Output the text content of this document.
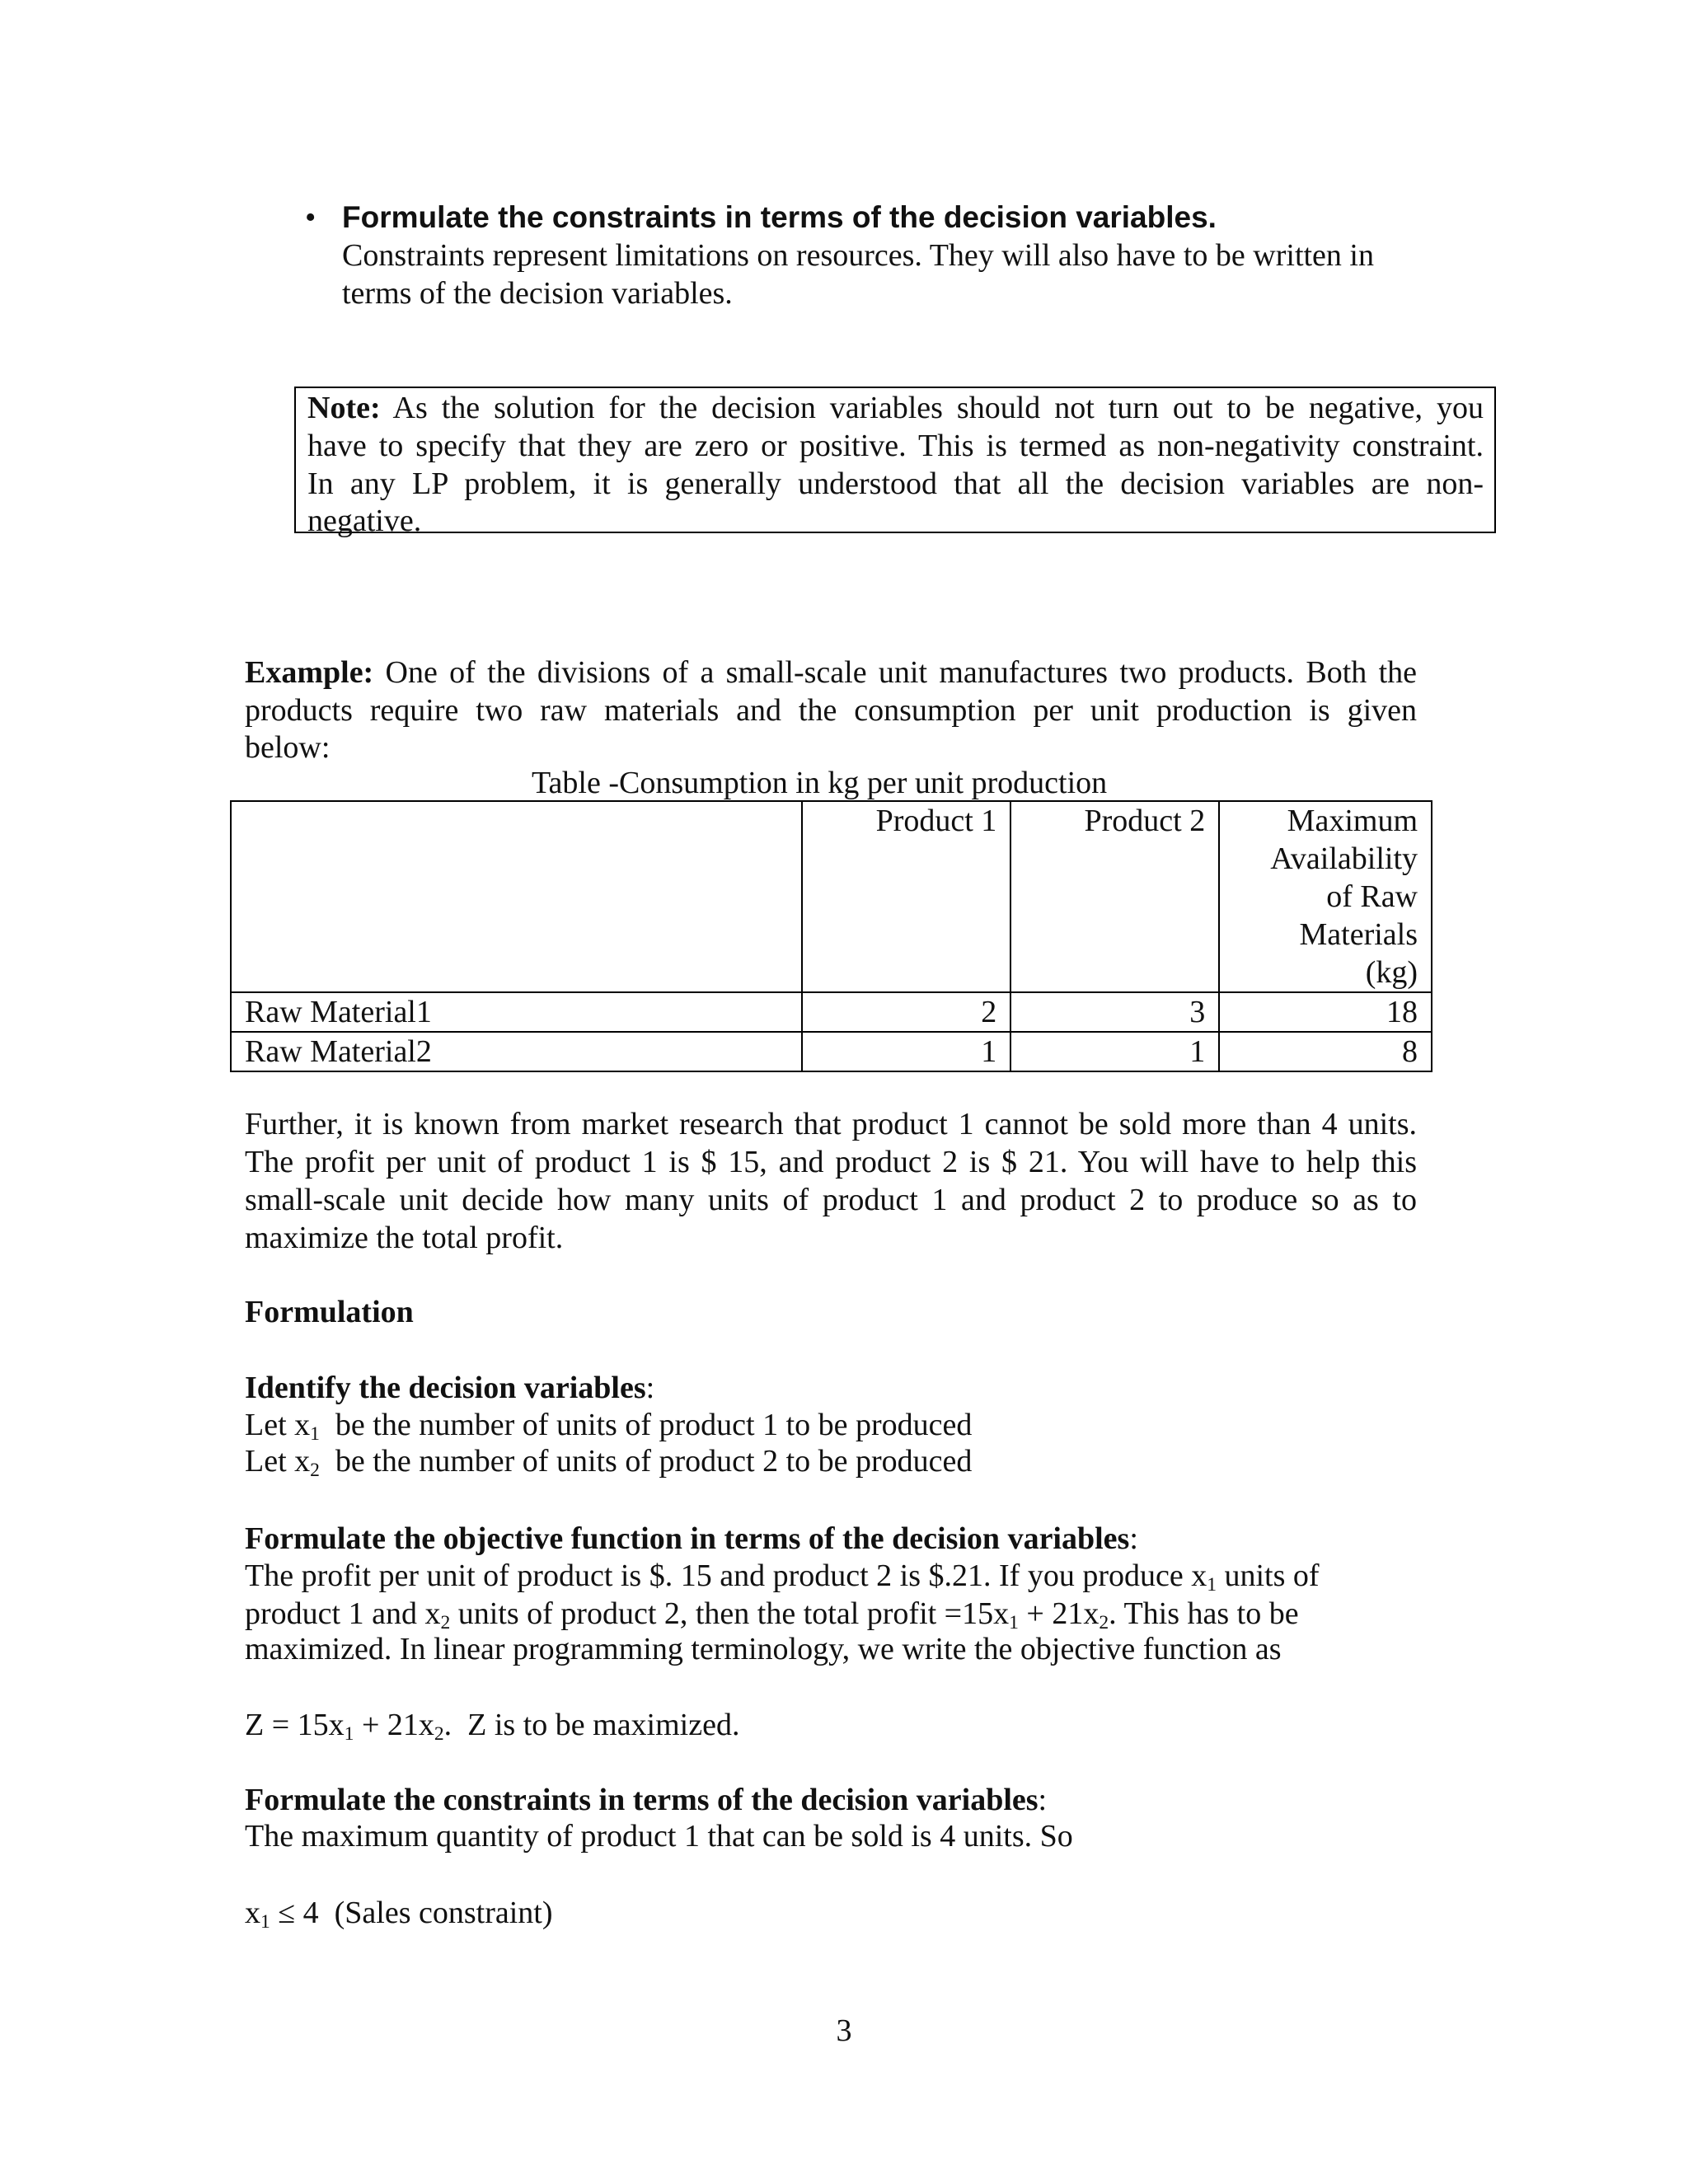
• Formulate the constraints in terms of the decision variables.
Constraints represent limitations on resources. They will also have to be written in
terms of the decision variables.
Note: As the solution for the decision variables should not turn out to be negative, you
have to specify that they are zero or positive. This is termed as non-negativity constraint.
In any LP problem, it is generally understood that all the decision variables are non-
negative.
Example: One of the divisions of a small-scale unit manufactures two products. Both the
products require two raw materials and the consumption per unit production is given
below:
Table -Consumption in kg per unit production
	Product 1	Product 2	Maximum
Availability
of Raw
Materials
(kg)

Raw Material1	2	3	18
Raw Material2	1	1	8
Further, it is known from market research that product 1 cannot be sold more than 4 units.
The profit per unit of product 1 is $ 15, and product 2 is $ 21. You will have to help this
small-scale unit decide how many units of product 1 and product 2 to produce so as to
maximize the total profit.
Formulation
Identify the decision variables:
Let $x_1$  be the number of units of product 1 to be produced
Let $x_2$  be the number of units of product 2 to be produced
Formulate the objective function in terms of the decision variables:
The profit per unit of product is $. 15 and product 2 is $.21. If you produce $x_1$ units of
product 1 and $x_2$ units of product 2, then the total profit $=15x_1 + 21x_2$. This has to be
maximized. In linear programming terminology, we write the objective function as
$Z = 15x_1 + 21x_2$.  Z is to be maximized.
Formulate the constraints in terms of the decision variables:
The maximum quantity of product 1 that can be sold is 4 units. So
$x_1 \le 4$  (Sales constraint)
3
